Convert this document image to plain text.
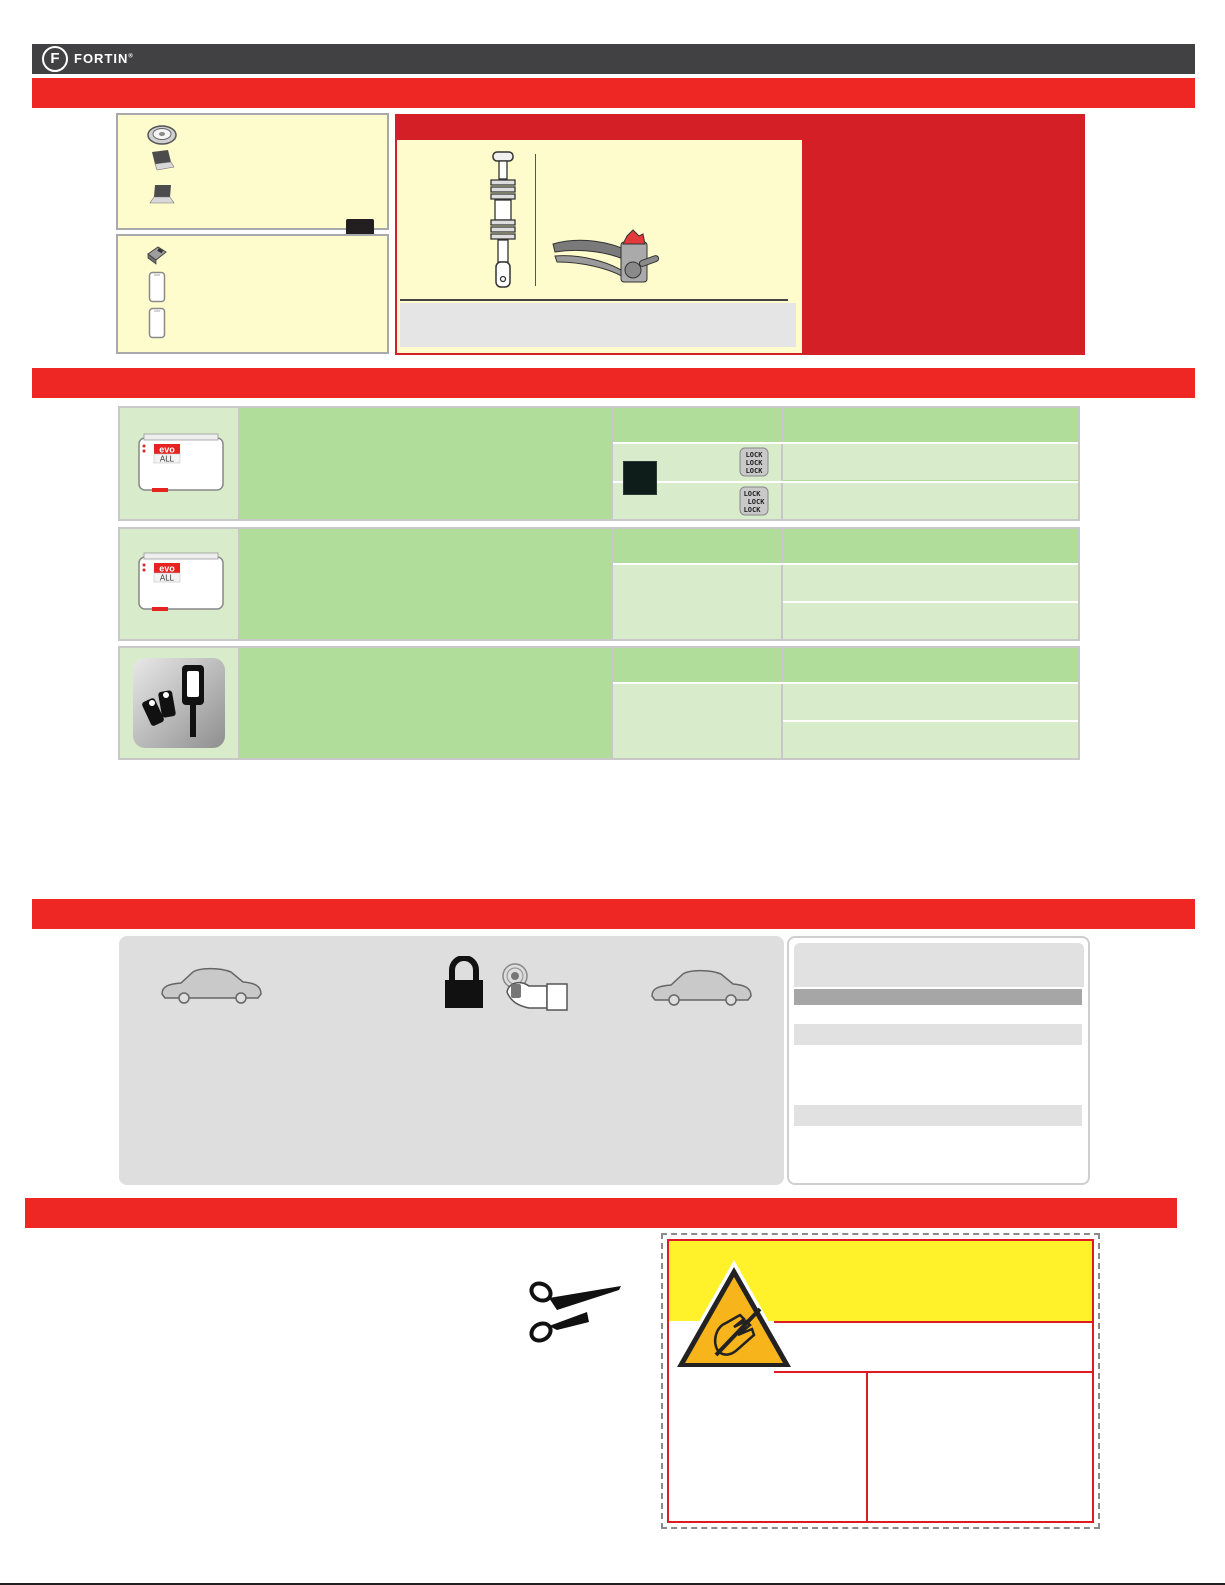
F	FORTIN®
evo
ALL	LOCK
LOCK
LOCK
LOCK
LOCK
LOCK
evo
ALL
